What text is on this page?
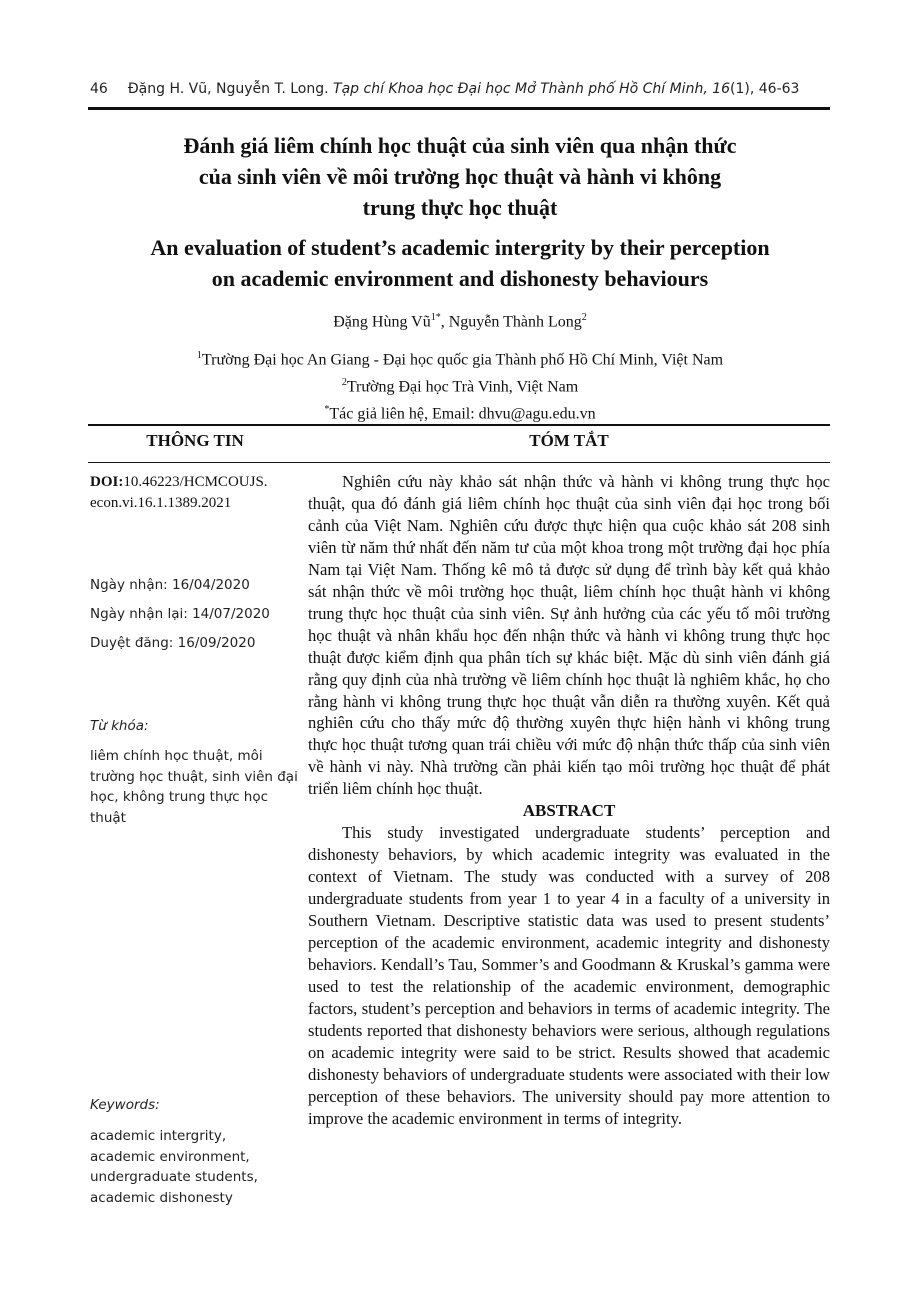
46 Đặng H. Vũ, Nguyễn T. Long. Tạp chí Khoa học Đại học Mở Thành phố Hồ Chí Minh, 16(1), 46-63
Đánh giá liêm chính học thuật của sinh viên qua nhận thức
của sinh viên về môi trường học thuật và hành vi không
trung thực học thuật
An evaluation of student’s academic intergrity by their perception
on academic environment and dishonesty behaviours
Đặng Hùng $Vũ^{1*}$, Nguyễn Thành Long$^2$
$^1$Trường Đại học An Giang - Đại học quốc gia Thành phố Hồ Chí Minh, Việt Nam
$^2$Trường Đại học Trà Vinh, Việt Nam
*Tác giả liên hệ, Email: dhvu@agu.edu.vn
THÔNG TIN	TÓM TẮT
DOI:10.46223/HCMCOUJS.
econ.vi.16.1.1389.2021
Ngày nhận: 16/04/2020
Ngày nhận lại: 14/07/2020
Duyệt đăng: 16/09/2020
Từ khóa:
liêm chính học thuật, môi trường học thuật, sinh viên đại học, không trung thực học thuật
Keywords:
academic intergrity, academic environment, undergraduate students, academic dishonesty

Nghiên cứu này khảo sát nhận thức và hành vi không trung thực học thuật, qua đó đánh giá liêm chính học thuật của sinh viên đại học trong bối cảnh của Việt Nam. Nghiên cứu được thực hiện qua cuộc khảo sát 208 sinh viên từ năm thứ nhất đến năm tư của một khoa trong một trường đại học phía Nam tại Việt Nam. Thống kê mô tả được sử dụng để trình bày kết quả khảo sát nhận thức về môi trường học thuật, liêm chính học thuật hành vi không trung thực học thuật của sinh viên. Sự ảnh hưởng của các yếu tố môi trường học thuật và nhân khẩu học đến nhận thức và hành vi không trung thực học thuật được kiểm định qua phân tích sự khác biệt. Mặc dù sinh viên đánh giá rằng quy định của nhà trường về liêm chính học thuật là nghiêm khắc, họ cho rằng hành vi không trung thực học thuật vẫn diễn ra thường xuyên. Kết quả nghiên cứu cho thấy mức độ thường xuyên thực hiện hành vi không trung thực học thuật tương quan trái chiều với mức độ nhận thức thấp của sinh viên về hành vi này. Nhà trường cần phải kiến tạo môi trường học thuật để phát triển liêm chính học thuật.

ABSTRACT

This study investigated undergraduate students’ perception and dishonesty behaviors, by which academic integrity was evaluated in the context of Vietnam. The study was conducted with a survey of 208 undergraduate students from year 1 to year 4 in a faculty of a university in Southern Vietnam. Descriptive statistic data was used to present students’ perception of the academic environment, academic integrity and dishonesty behaviors. Kendall’s Tau, Sommer’s and Goodmann & Kruskal’s gamma were used to test the relationship of the academic environment, demographic factors, student’s perception and behaviors in terms of academic integrity. The students reported that dishonesty behaviors were serious, although regulations on academic integrity were said to be strict. Results showed that academic dishonesty behaviors of undergraduate students were associated with their low perception of these behaviors. The university should pay more attention to improve the academic environment in terms of integrity.
